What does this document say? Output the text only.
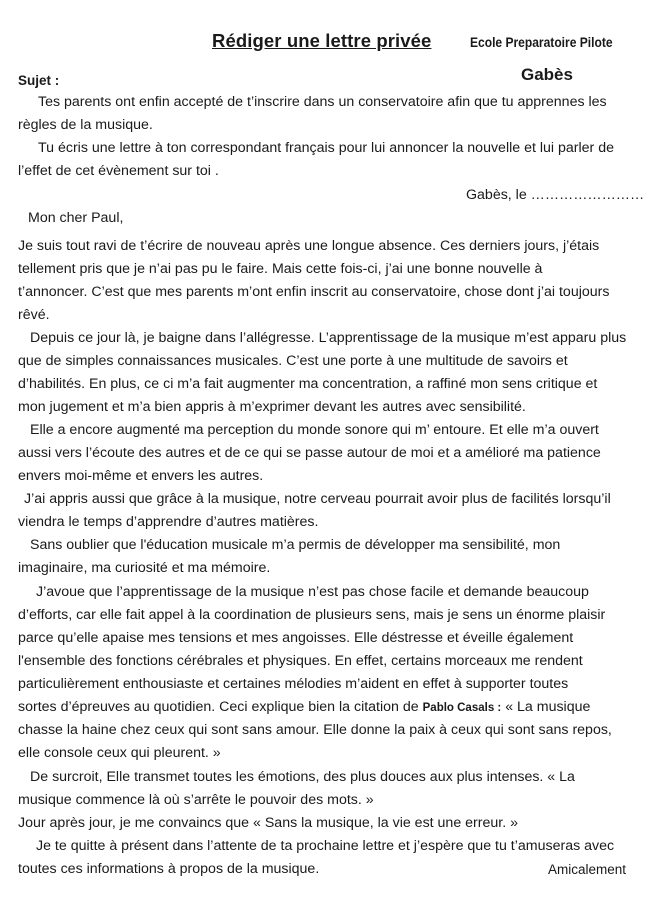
Rédiger une lettre privée	Ecole Preparatoire Pilote
Gabès
Sujet :
Tes parents ont enfin accepté de t’inscrire dans un conservatoire afin que tu apprennes les
règles de la musique.
Tu écris une lettre à ton correspondant français pour lui annoncer la nouvelle et lui parler de
l’effet de cet évènement sur toi .
Gabès, le ……………………
Mon cher Paul,
Je suis tout ravi de t’écrire de nouveau après une longue absence. Ces derniers jours, j’étais
tellement pris que je n’ai pas pu le faire. Mais cette fois-ci, j’ai une bonne nouvelle à
t’annoncer. C’est que mes parents m’ont enfin inscrit au conservatoire, chose dont j’ai toujours
rêvé.
Depuis ce jour là, je baigne dans l’allégresse. L’apprentissage de la musique m’est apparu plus
que de simples connaissances musicales. C’est une porte à une multitude de savoirs et
d’habilités. En plus, ce ci m’a fait augmenter ma concentration, a raffiné mon sens critique et
mon jugement et m’a bien appris à m’exprimer devant les autres avec sensibilité.
Elle a encore augmenté ma perception du monde sonore qui m’ entoure. Et elle m’a ouvert
aussi vers l’écoute des autres et de ce qui se passe autour de moi et a amélioré ma patience
envers moi-même et envers les autres.
J’ai appris aussi que grâce à la musique, notre cerveau pourrait avoir plus de facilités lorsqu’il
viendra le temps d’apprendre d’autres matières.
Sans oublier que l'éducation musicale m’a permis de développer ma sensibilité, mon
imaginaire, ma curiosité et ma mémoire.
J’avoue que l’apprentissage de la musique n’est pas chose facile et demande beaucoup
d’efforts, car elle fait appel à la coordination de plusieurs sens, mais je sens un énorme plaisir
parce qu’elle apaise mes tensions et mes angoisses. Elle déstresse et éveille également
l'ensemble des fonctions cérébrales et physiques. En effet, certains morceaux me rendent
particulièrement enthousiaste et certaines mélodies m’aident en effet à supporter toutes
sortes d’épreuves au quotidien. Ceci explique bien la citation de Pablo Casals : « La musique
chasse la haine chez ceux qui sont sans amour. Elle donne la paix à ceux qui sont sans repos,
elle console ceux qui pleurent. »
De surcroit, Elle transmet toutes les émotions, des plus douces aux plus intenses. « La
musique commence là où s’arrête le pouvoir des mots. »
Jour après jour, je me convaincs que « Sans la musique, la vie est une erreur. »
Je te quitte à présent dans l’attente de ta prochaine lettre et j’espère que tu t’amuseras avec
toutes ces informations à propos de la musique.	Amicalement
